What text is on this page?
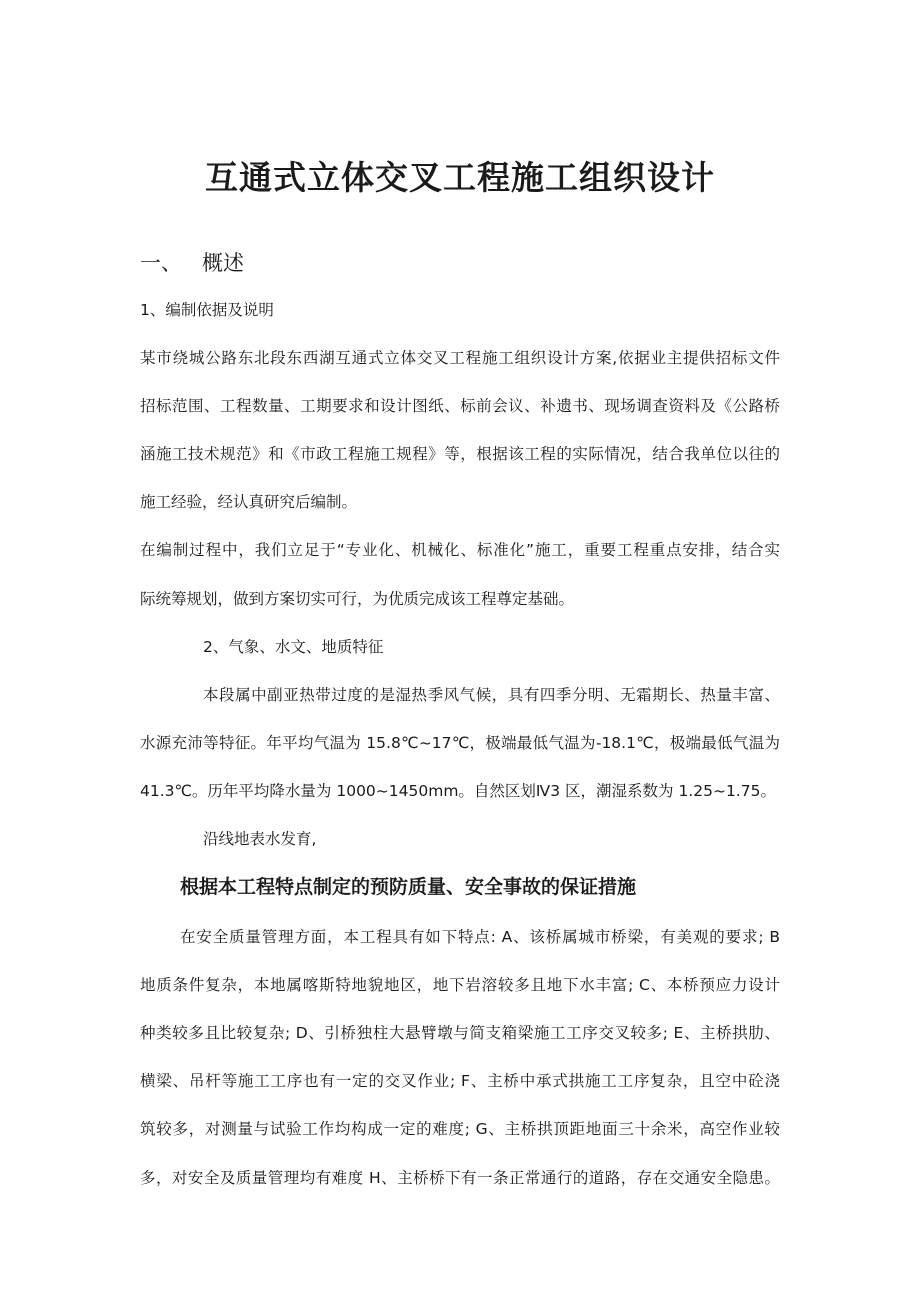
互通式立体交叉工程施工组织设计
一、 概述
1、编制依据及说明
某市绕城公路东北段东西湖互通式立体交叉工程施工组织设计方案,依据业主提供招标文件
招标范围、工程数量、工期要求和设计图纸、标前会议、补遗书、现场调查资料及《公路桥
涵施工技术规范》和《市政工程施工规程》等，根据该工程的实际情况，结合我单位以往的
施工经验，经认真研究后编制。
在编制过程中，我们立足于“专业化、机械化、标准化”施工，重要工程重点安排，结合实
际统筹规划，做到方案切实可行，为优质完成该工程尊定基础。
2、气象、水文、地质特征
本段属中副亚热带过度的是湿热季风气候，具有四季分明、无霜期长、热量丰富、
水源充沛等特征。年平均气温为 15.8℃~17℃，极端最低气温为-18.1℃，极端最低气温为
41.3℃。历年平均降水量为 1000~1450mm。自然区划Ⅳ3 区，潮湿系数为 1.25~1.75。
沿线地表水发育,
根据本工程特点制定的预防质量、安全事故的保证措施
在安全质量管理方面，本工程具有如下特点: A、该桥属城市桥梁，有美观的要求; B
地质条件复杂，本地属喀斯特地貌地区，地下岩溶较多且地下水丰富; C、本桥预应力设计
种类较多且比较复杂; D、引桥独柱大悬臂墩与简支箱梁施工工序交叉较多; E、主桥拱肋、
横梁、吊杆等施工工序也有一定的交叉作业; F、主桥中承式拱施工工序复杂，且空中砼浇
筑较多，对测量与试验工作均构成一定的难度; G、主桥拱顶距地面三十余米，高空作业较
多，对安全及质量管理均有难度 H、主桥桥下有一条正常通行的道路，存在交通安全隐患。
